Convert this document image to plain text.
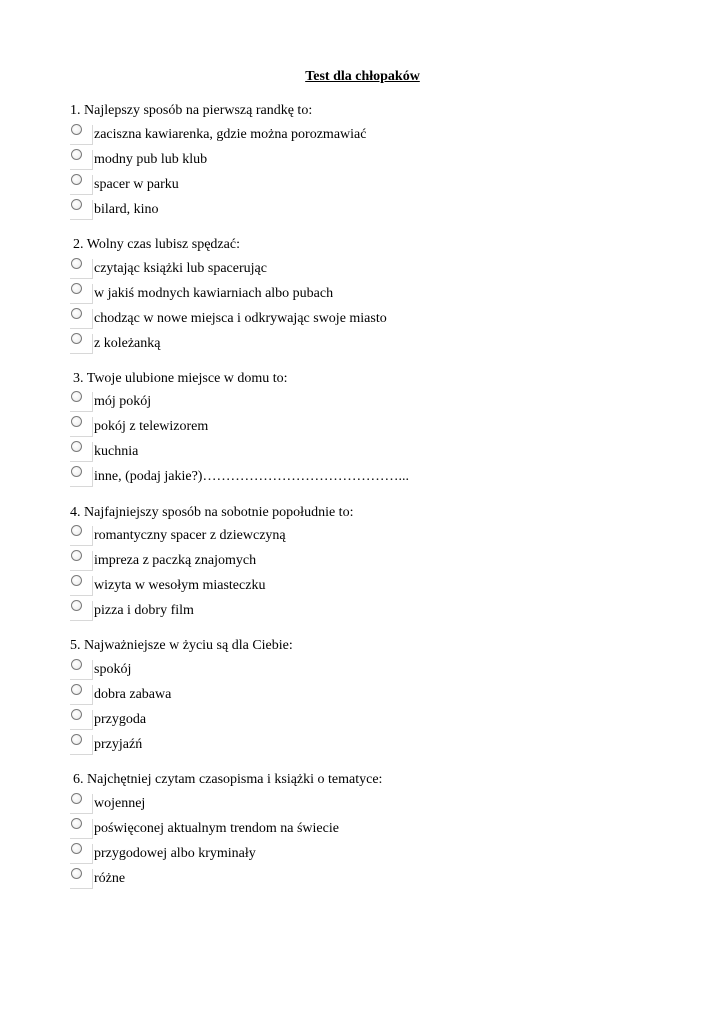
Test dla chłopaków
1. Najlepszy sposób na pierwszą randkę to:
zaciszna kawiarenka, gdzie można porozmawiać
modny pub lub klub
spacer w parku
bilard, kino
2. Wolny czas lubisz spędzać:
czytając książki lub spacerując
w jakiś modnych kawiarniach albo pubach
chodząc w nowe miejsca i odkrywając swoje miasto
z koleżanką
3. Twoje ulubione miejsce w domu to:
mój pokój
pokój z telewizorem
kuchnia
inne, (podaj jakie?)……………………………………...
4. Najfajniejszy sposób na sobotnie popołudnie to:
romantyczny spacer z dziewczyną
impreza z paczką znajomych
wizyta w wesołym miasteczku
pizza i dobry film
5. Najważniejsze w życiu są dla Ciebie:
spokój
dobra zabawa
przygoda
przyjaźń
6. Najchętniej czytam czasopisma i książki o tematyce:
wojennej
poświęconej aktualnym trendom na świecie
przygodowej albo kryminały
różne
